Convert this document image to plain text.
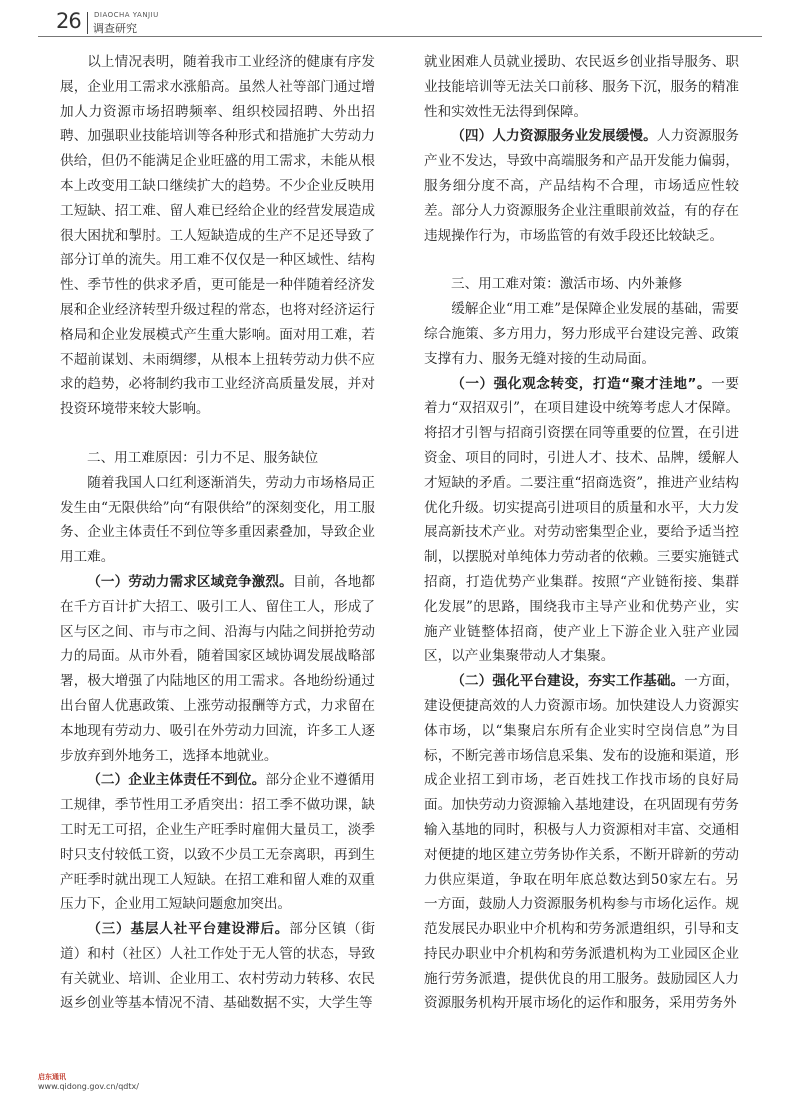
26 DIAOCHA YANJIU
调查研究

以上情况表明，随着我市工业经济的健康有序发展，企业用工需求水涨船高。虽然人社等部门通过增加人力资源市场招聘频率、组织校园招聘、外出招聘、加强职业技能培训等各种形式和措施扩大劳动力供给，但仍不能满足企业旺盛的用工需求，未能从根本上改变用工缺口继续扩大的趋势。不少企业反映用工短缺、招工难、留人难已经给企业的经营发展造成很大困扰和掣肘。工人短缺造成的生产不足还导致了部分订单的流失。用工难不仅仅是一种区域性、结构性、季节性的供求矛盾，更可能是一种伴随着经济发展和企业经济转型升级过程的常态，也将对经济运行格局和企业发展模式产生重大影响。面对用工难，若不超前谋划、未雨绸缪，从根本上扭转劳动力供不应求的趋势，必将制约我市工业经济高质量发展，并对投资环境带来较大影响。

二、用工难原因：引力不足、服务缺位

随着我国人口红利逐渐消失，劳动力市场格局正发生由“无限供给”向“有限供给”的深刻变化，用工服务、企业主体责任不到位等多重因素叠加，导致企业用工难。

（一）劳动力需求区域竞争激烈。目前，各地都在千方百计扩大招工、吸引工人、留住工人，形成了区与区之间、市与市之间、沿海与内陆之间拼抢劳动力的局面。从市外看，随着国家区域协调发展战略部署，极大增强了内陆地区的用工需求。各地纷纷通过出台留人优惠政策、上涨劳动报酬等方式，力求留在本地现有劳动力、吸引在外劳动力回流，许多工人逐步放弃到外地务工，选择本地就业。

（二）企业主体责任不到位。部分企业不遵循用工规律，季节性用工矛盾突出：招工季不做功课，缺工时无工可招，企业生产旺季时雇佣大量员工，淡季时只支付较低工资，以致不少员工无奈离职，再到生产旺季时就出现工人短缺。在招工难和留人难的双重压力下，企业用工短缺问题愈加突出。

（三）基层人社平台建设滞后。部分区镇（街道）和村（社区）人社工作处于无人管的状态，导致有关就业、培训、企业用工、农村劳动力转移、农民返乡创业等基本情况不清、基础数据不实，大学生等

就业困难人员就业援助、农民返乡创业指导服务、职业技能培训等无法关口前移、服务下沉，服务的精准性和实效性无法得到保障。

（四）人力资源服务业发展缓慢。人力资源服务产业不发达，导致中高端服务和产品开发能力偏弱，服务细分度不高，产品结构不合理，市场适应性较差。部分人力资源服务企业注重眼前效益，有的存在违规操作行为，市场监管的有效手段还比较缺乏。

三、用工难对策：激活市场、内外兼修

缓解企业“用工难”是保障企业发展的基础，需要综合施策、多方用力，努力形成平台建设完善、政策支撑有力、服务无缝对接的生动局面。

（一）强化观念转变，打造“聚才洼地”。一要着力“双招双引”，在项目建设中统筹考虑人才保障。将招才引智与招商引资摆在同等重要的位置，在引进资金、项目的同时，引进人才、技术、品牌，缓解人才短缺的矛盾。二要注重“招商选资”，推进产业结构优化升级。切实提高引进项目的质量和水平，大力发展高新技术产业。对劳动密集型企业，要给予适当控制，以摆脱对单纯体力劳动者的依赖。三要实施链式招商，打造优势产业集群。按照“产业链衔接、集群化发展”的思路，围绕我市主导产业和优势产业，实施产业链整体招商，使产业上下游企业入驻产业园区，以产业集聚带动人才集聚。

（二）强化平台建设，夯实工作基础。一方面，建设便捷高效的人力资源市场。加快建设人力资源实体市场，以“集聚启东所有企业实时空岗信息”为目标，不断完善市场信息采集、发布的设施和渠道，形成企业招工到市场，老百姓找工作找市场的良好局面。加快劳动力资源输入基地建设，在巩固现有劳务输入基地的同时，积极与人力资源相对丰富、交通相对便捷的地区建立劳务协作关系，不断开辟新的劳动力供应渠道，争取在明年底总数达到50家左右。另一方面，鼓励人力资源服务机构参与市场化运作。规范发展民办职业中介机构和劳务派遣组织，引导和支持民办职业中介机构和劳务派遣机构为工业园区企业施行劳务派遣，提供优良的用工服务。鼓励园区人力资源服务机构开展市场化的运作和服务，采用劳务外

启东通讯
www.qidong.gov.cn/qdtx/
